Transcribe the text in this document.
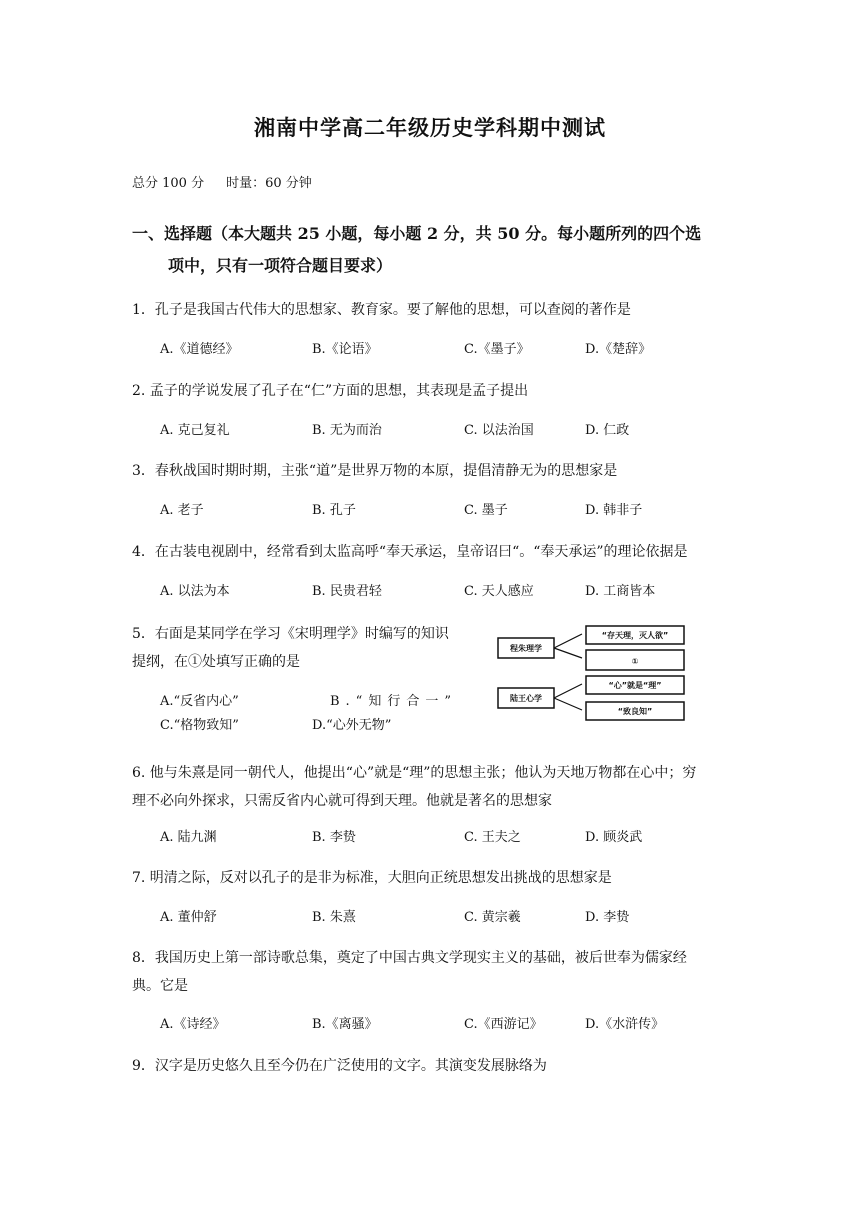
湘南中学高二年级历史学科期中测试
总分 100 分 时量：60 分钟
一、选择题（本大题共 25 小题，每小题 2 分，共 50 分。每小题所列的四个选
项中，只有一项符合题目要求）
1．孔子是我国古代伟大的思想家、教育家。要了解他的思想，可以查阅的著作是
A.《道德经》	B.《论语》	C.《墨子》	D.《楚辞》
2. 孟子的学说发展了孔子在“仁”方面的思想，其表现是孟子提出
A. 克己复礼	B. 无为而治	C. 以法治国	D. 仁政
3．春秋战国时期时期，主张“道”是世界万物的本原，提倡清静无为的思想家是
A. 老子	B. 孔子	C. 墨子	D. 韩非子
4．在古装电视剧中，经常看到太监高呼“奉天承运，皇帝诏曰“。“奉天承运”的理论依据是
A. 以法为本	B. 民贵君轻	C. 天人感应	D. 工商皆本
5．右面是某同学在学习《宋明理学》时编写的知识
提纲，在①处填写正确的是
A.“反省内心”	B.“知行合一”
C.“格物致知”	D.“心外无物”
程朱理学
“存天理，灭人欲”
①
陆王心学
“心”就是“理”
“致良知”
6. 他与朱熹是同一朝代人，他提出“心”就是“理”的思想主张；他认为天地万物都在心中；穷
理不必向外探求，只需反省内心就可得到天理。他就是著名的思想家
A. 陆九渊	B. 李贽	C. 王夫之	D. 顾炎武
7. 明清之际，反对以孔子的是非为标准，大胆向正统思想发出挑战的思想家是
A. 董仲舒	B. 朱熹	C. 黄宗羲	D. 李贽
8．我国历史上第一部诗歌总集，奠定了中国古典文学现实主义的基础，被后世奉为儒家经
典。它是
A.《诗经》	B.《离骚》	C.《西游记》	D.《水浒传》
9．汉字是历史悠久且至今仍在广泛使用的文字。其演变发展脉络为
